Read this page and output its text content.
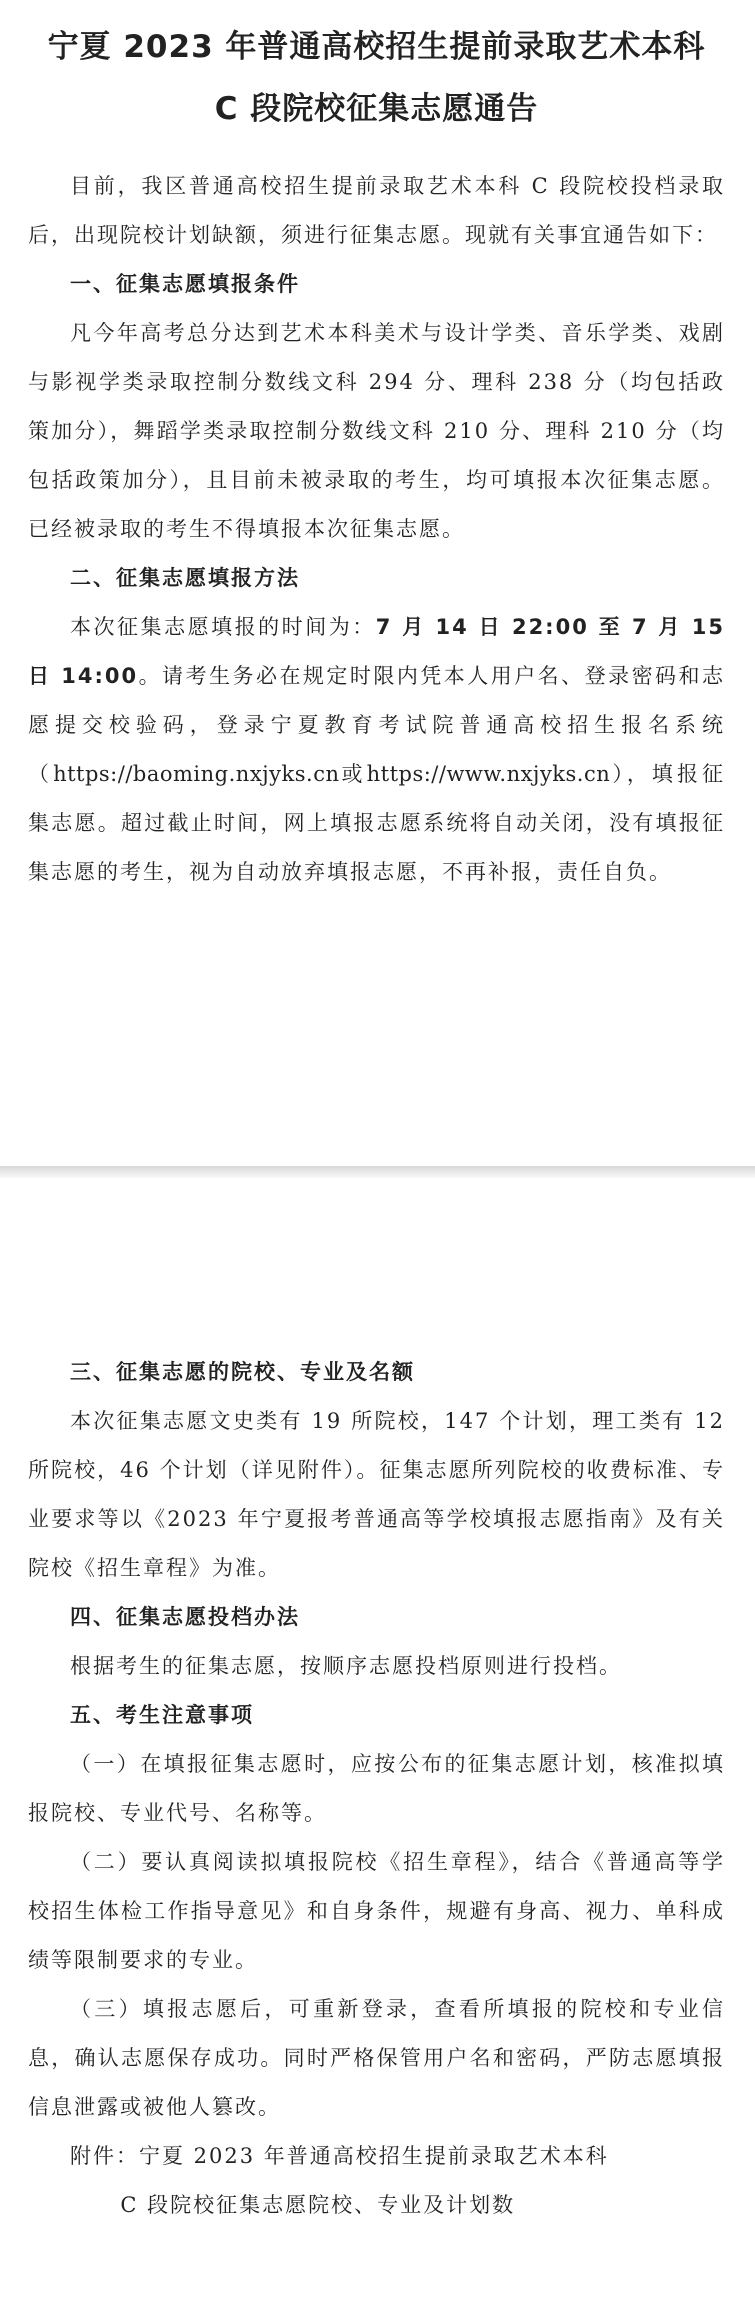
宁夏 2023 年普通高校招生提前录取艺术本科
C 段院校征集志愿通告

目前，我区普通高校招生提前录取艺术本科 C 段院校投档录取后，出现院校计划缺额，须进行征集志愿。现就有关事宜通告如下：

一、征集志愿填报条件

凡今年高考总分达到艺术本科美术与设计学类、音乐学类、戏剧与影视学类录取控制分数线文科 294 分、理科 238 分（均包括政策加分），舞蹈学类录取控制分数线文科 210 分、理科 210 分（均包括政策加分），且目前未被录取的考生，均可填报本次征集志愿。已经被录取的考生不得填报本次征集志愿。

二、征集志愿填报方法

本次征集志愿填报的时间为：7 月 14 日 22:00 至 7 月 15 日 14:00。请考生务必在规定时限内凭本人用户名、登录密码和志愿提交校验码，登录宁夏教育考试院普通高校招生报名系统（https://baoming.nxjyks.cn或https://www.nxjyks.cn），填报征集志愿。超过截止时间，网上填报志愿系统将自动关闭，没有填报征集志愿的考生，视为自动放弃填报志愿，不再补报，责任自负。

三、征集志愿的院校、专业及名额

本次征集志愿文史类有 19 所院校，147 个计划，理工类有 12 所院校，46 个计划（详见附件）。征集志愿所列院校的收费标准、专业要求等以《2023 年宁夏报考普通高等学校填报志愿指南》及有关院校《招生章程》为准。

四、征集志愿投档办法

根据考生的征集志愿，按顺序志愿投档原则进行投档。

五、考生注意事项

（一）在填报征集志愿时，应按公布的征集志愿计划，核准拟填报院校、专业代号、名称等。

（二）要认真阅读拟填报院校《招生章程》，结合《普通高等学校招生体检工作指导意见》和自身条件，规避有身高、视力、单科成绩等限制要求的专业。

（三）填报志愿后，可重新登录，查看所填报的院校和专业信息，确认志愿保存成功。同时严格保管用户名和密码，严防志愿填报信息泄露或被他人篡改。

附件：宁夏 2023 年普通高校招生提前录取艺术本科

C 段院校征集志愿院校、专业及计划数
